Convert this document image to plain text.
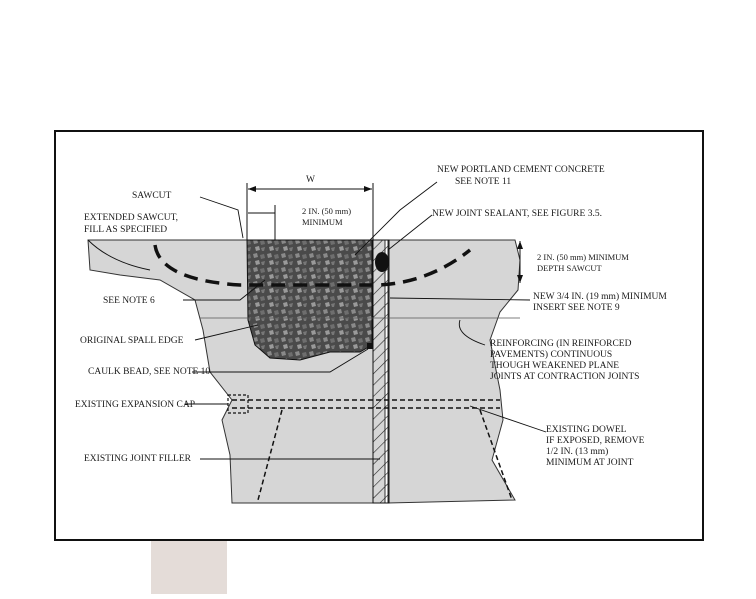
W
2 IN. (50 mm)
MINIMUM
2 IN. (50 mm) MINIMUM
DEPTH SAWCUT
NEW PORTLAND CEMENT CONCRETE
SEE NOTE 11
SAWCUT
NEW JOINT SEALANT, SEE FIGURE 3.5.
EXTENDED SAWCUT,
FILL AS SPECIFIED
SEE NOTE 6	NEW 3/4 IN. (19 mm) MINIMUM
INSERT SEE NOTE 9
ORIGINAL SPALL EDGE	REINFORCING (IN REINFORCED
PAVEMENTS) CONTINUOUS
THOUGH WEAKENED PLANE
JOINTS AT CONTRACTION JOINTS
CAULK BEAD, SEE NOTE 10
EXISTING EXPANSION CAP
EXISTING DOWEL
IF EXPOSED, REMOVE
1/2 IN. (13 mm)
MINIMUM AT JOINT
EXISTING JOINT FILLER
